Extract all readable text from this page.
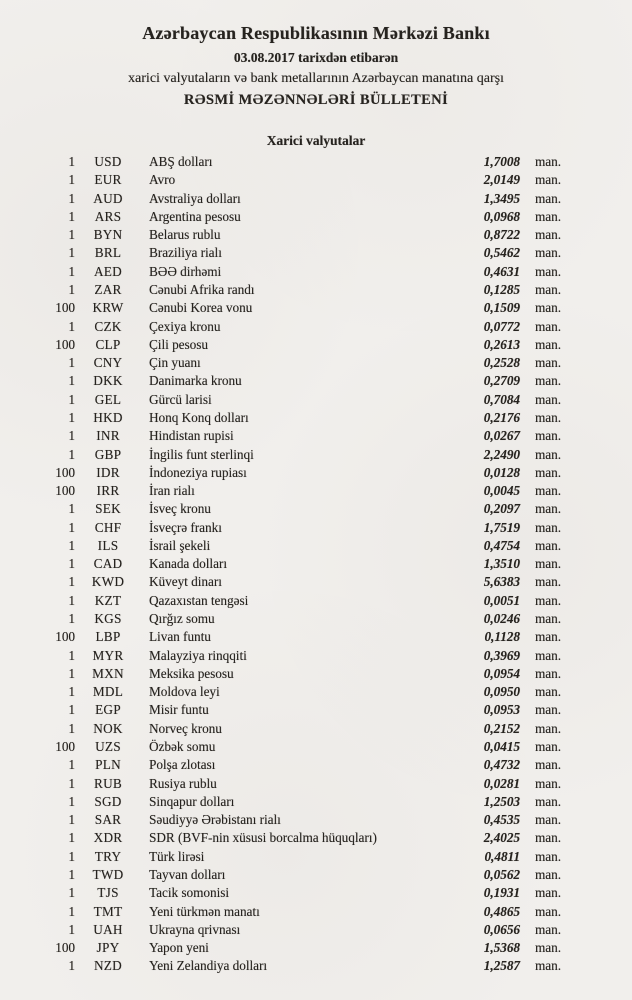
Azərbaycan Respublikasının Mərkəzi Bankı
03.08.2017 tarixdən etibarən
xarici valyutaların və bank metallarının Azərbaycan manatına qarşı
RƏSMİ MƏZƏNNƏLƏRİ BÜLLETENİ
Xarici valyutalar
1	USD	ABŞ dolları	1,7008 man.
1	EUR	Avro	2,0149 man.
1	AUD	Avstraliya dolları	1,3495 man.
1	ARS	Argentina pesosu	0,0968 man.
1	BYN	Belarus rublu	0,8722 man.
1	BRL	Braziliya rialı	0,5462 man.
1	AED	BƏƏ dirhəmi	0,4631 man.
1	ZAR	Cənubi Afrika randı	0,1285 man.
100	KRW	Cənubi Korea vonu	0,1509 man.
1	CZK	Çexiya kronu	0,0772 man.
100	CLP	Çili pesosu	0,2613 man.
1	CNY	Çin yuanı	0,2528 man.
1	DKK	Danimarka kronu	0,2709 man.
1	GEL	Gürcü larisi	0,7084 man.
1	HKD	Honq Konq dolları	0,2176 man.
1	INR	Hindistan rupisi	0,0267 man.
1	GBP	İngilis funt sterlinqi	2,2490 man.
100	IDR	İndoneziya rupiası	0,0128 man.
100	IRR	İran rialı	0,0045 man.
1	SEK	İsveç kronu	0,2097 man.
1	CHF	İsveçrə frankı	1,7519 man.
1	ILS	İsrail şekeli	0,4754 man.
1	CAD	Kanada dolları	1,3510 man.
1	KWD	Küveyt dinarı	5,6383 man.
1	KZT	Qazaxıstan tengəsi	0,0051 man.
1	KGS	Qırğız somu	0,0246 man.
100	LBP	Livan funtu	0,1128 man.
1	MYR	Malayziya rinqqiti	0,3969 man.
1	MXN	Meksika pesosu	0,0954 man.
1	MDL	Moldova leyi	0,0950 man.
1	EGP	Misir funtu	0,0953 man.
1	NOK	Norveç kronu	0,2152 man.
100	UZS	Özbək somu	0,0415 man.
1	PLN	Polşa zlotası	0,4732 man.
1	RUB	Rusiya rublu	0,0281 man.
1	SGD	Sinqapur dolları	1,2503 man.
1	SAR	Səudiyyə Ərəbistanı rialı	0,4535 man.
1	XDR	SDR (BVF-nin xüsusi borcalma hüquqları)	2,4025 man.
1	TRY	Türk lirəsi	0,4811 man.
1	TWD	Tayvan dolları	0,0562 man.
1	TJS	Tacik somonisi	0,1931 man.
1	TMT	Yeni türkmən manatı	0,4865 man.
1	UAH	Ukrayna qrivnası	0,0656 man.
100	JPY	Yapon yeni	1,5368 man.
1	NZD	Yeni Zelandiya dolları	1,2587 man.
